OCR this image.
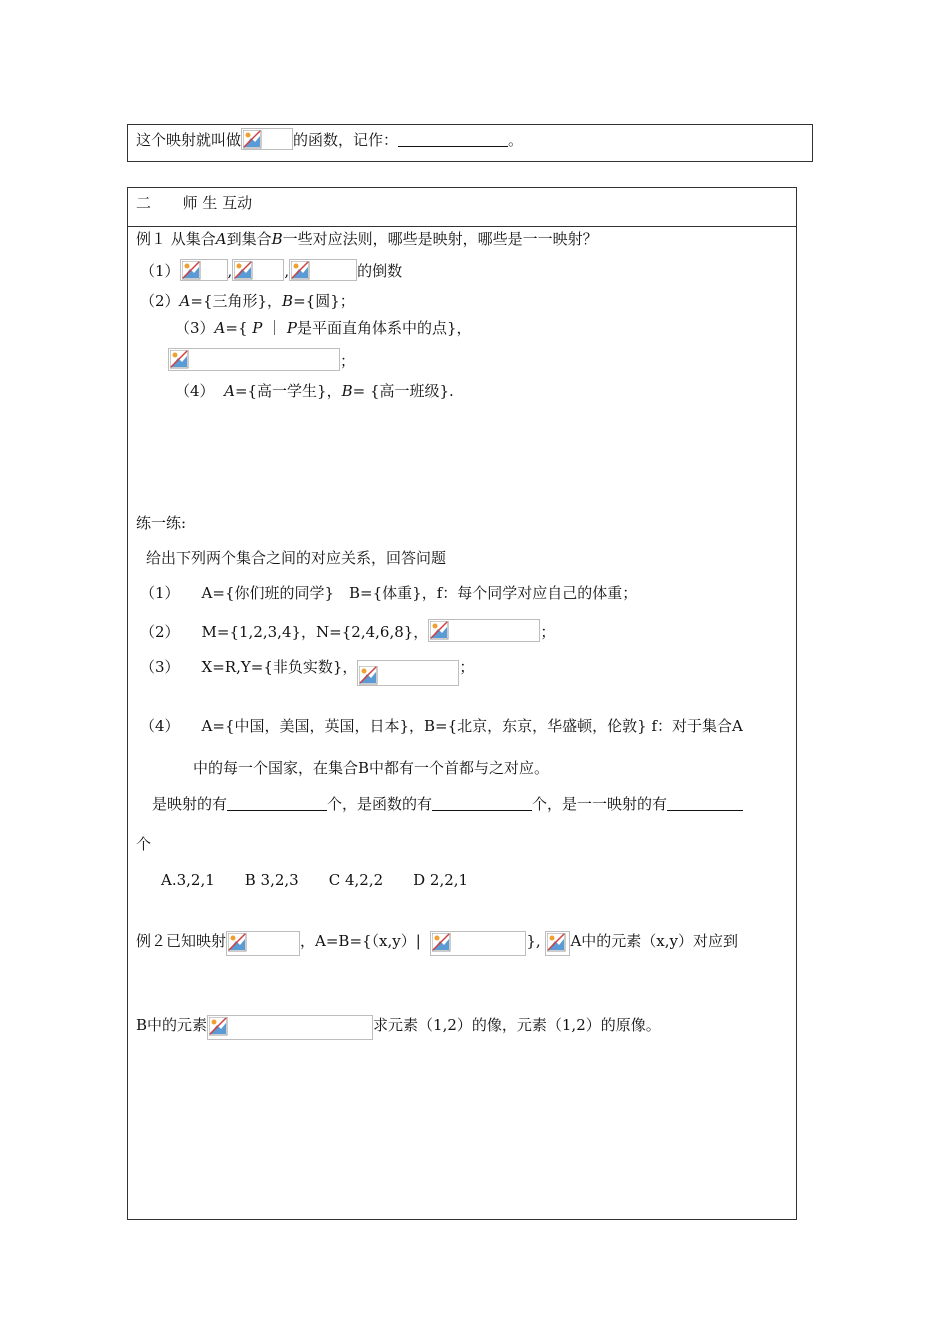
这个映射就叫做	的函数，记作：	。
二 师 生 互动
例１ 从集合A到集合B一些对应法则，哪些是映射，哪些是一一映射？
（1）	,	,	的倒数
（2）A={三角形}，B={圆}；
（3）A={ P ｜ P是平面直角体系中的点}，
；
（4） A={高一学生}，B= {高一班级}.
练一练:
给出下列两个集合之间的对应关系，回答问题
（1） A={你们班的同学}　B={体重}，f：每个同学对应自己的体重；
（2） M={1,2,3,4}，N={2,4,6,8}，	；
（3） X=R,Y={非负实数}，	；
（4） A={中国，美国，英国，日本}，B={北京，东京，华盛顿，伦敦} f：对于集合A
中的每一个国家，在集合B中都有一个首都与之对应。
是映射的有	个，是函数的有	个，是一一映射的有
个
A.3,2,1　　B 3,2,3　　C 4,2,2　　D 2,2,1
例２已知映射	，A=B={（x,y）|	}, A中的元素（x,y）对应到
B中的元素	求元素（1,2）的像，元素（1,2）的原像。
